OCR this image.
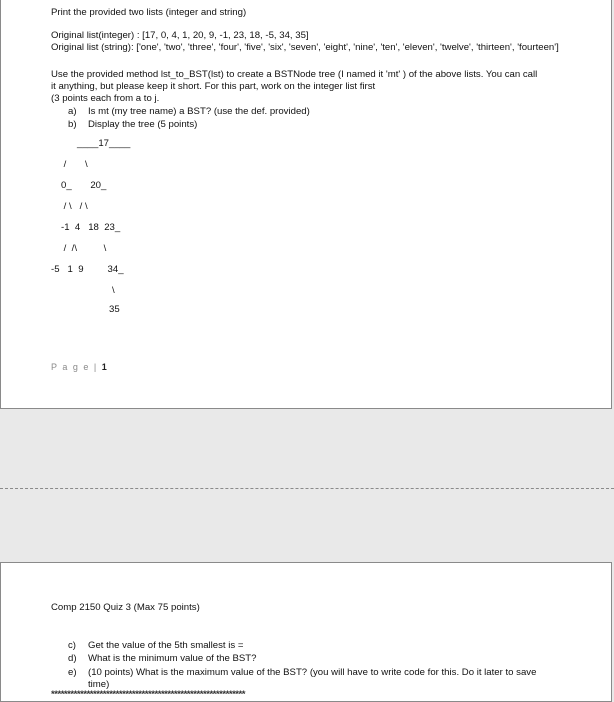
Print the provided two lists (integer and string)
Original list(integer) : [17, 0, 4, 1, 20, 9, -1, 23, 18, -5, 34, 35]
Original list (string): ['one', 'two', 'three', 'four', 'five', 'six', 'seven', 'eight', 'nine', 'ten', 'eleven', 'twelve', 'thirteen', 'fourteen']
Use the provided method lst_to_BST(lst) to create a BSTNode tree (I named it 'mt' ) of the above lists. You can call
it anything, but please keep it short. For this part, work on the integer list first
(3 points each from a to j.
a) Is mt (my tree name) a BST? (use the def. provided)
b) Display the tree (5 points)
____17____
/       \
0_       20_
/ \   / \
-1  4   18  23_
/  /\          \
-5   1  9         34_
\
35
P a g e | 1
Comp 2150 Quiz 3 (Max 75 points)
c) Get the value of the 5th smallest is =
d) What is the minimum value of the BST?
e) (10 points) What is the maximum value of the BST? (you will have to write code for this. Do it later to save
time)
************************************************************
